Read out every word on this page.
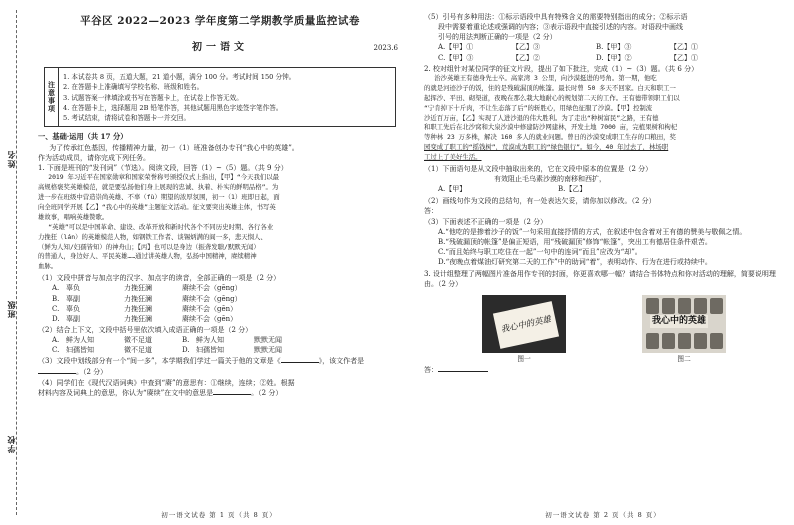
姓名
班级
学校
平谷区 2022—2023 学年度第二学期教学质量监控试卷
初一语文	2023.6
注
意
事
项

1. 本试卷共 8 页，五道大题，21 道小题，满分 100 分。考试时间 150 分钟。

2. 在答题卡上准确填写学校名称、班级和姓名。

3. 试题答案一律填涂或书写在答题卡上，在试卷上作答无效。

4. 在答题卡上，选择题用 2B 铅笔作答，其他试题用黑色字迹签字笔作答。

5. 考试结束，请将试卷和答题卡一并交回。

一、基础·运用（共 17 分）

为了传承红色基因，传播精神力量，初一（1）班准备创办专刊“我心中的英雄”。

作为活动成员，请你完成下列任务。

1. 下面是班刊的“发刊词”（节选）。阅读文段，回答（1）~（5）题。（共 9 分）

2019 年习近平在国家勋章和国家荣誉称号颁授仪式上指出，【甲】“今天我们以最

高规格褒奖英雄模范，就是要弘扬他们身上展现的忠诚、执着、朴实的鲜明品格”。为

进一步在班级中营造崇尚英雄、不辜（fù）期望的浓厚氛围，初一（1）班即日起，面

向全班同学开展【乙】“我心中的英雄”主题征文活动。征文要突出英雄主体，书写英

雄故事，唱响英雄赞歌。

“英雄”可以是中国革命、建设、改革开放和新时代各个不同历史时期、各行各业

力挽狂（lán）的英雄模范人物，如钢铁工作者、谈锡炳满的阎一多，悲天悯人、

（鲜为人知/妇孺皆知）的神舟山；【丙】也可以是身边（振聋发聩/默默无闻）

的普通人，身边好人、平民英雄……通过讲英雄人物，弘扬中国精神，赓续精神

血脉。

（1）文段中拼音与加点字的汉字、加点字的读音，全部正确的一项是（2 分）

A. 辜负	力挽狂澜	赓续不会（gēng）
B. 辜副	力挽狂澜	赓续不会（gēng）
C. 辜负	力挽狂澜	赓续不会（gēn）
D. 辜副	力挽狂澜	赓续不会（gēn）

（2）结合上下文，文段中括号里依次填入成语正确的一项是（2 分）

A. 鲜为人知	微不足道	B. 鲜为人知	默默无闻
C. 妇孺皆知	微不足道	D. 妇孺皆知	默默无闻

（3）文段中划线部分有一个“间一多”，本学期我们学过一篇关于他的文章是《	》，该文作者是。（2 分）

（4）同学们在《现代汉语词典》中查到“赓”的意思有：①继续，连续；②姓。根据

材料内容及词典上的意思，你认为“赓续”在文中的意思是	。（2 分）

初一语文试卷 第 1 页（共 8 页）

（5）引号有多种用法：①标示语段中具有特殊含义的需要特别指出的成分；②标示语

段中需要着重论述或强调的内容；③表示语段中直接引述的内容。对语段中画线

引号的用法判断正确的一项是（2 分）

A.【甲】①	【乙】③	B.【甲】③	【乙】①
C.【甲】③	【乙】②	D.【甲】②	【乙】①

2. 校对组针对某位同学的征文片段，提出了如下批注，完成（1）~（3）题。（共 6 分）

治沙英雄王有德身先士卒。高家湾 3 公里，向沙漠挺进的号角。第一期，他吃

的就是河迹沙子的饭，住的是残破漏顶的帐篷。最长时曾 50 多天不回家。白天和职工一

起挥沙、平田、砌渠道，夜晚在那么栽大地耐心的规划第二天的工作。王有德带领职工们以

“宁肯掉下十斤肉，不让生态落了后”的斩胜心，用绿色征服了沙漠。【甲】控制流

沙近百万亩，【乙】实现了人进沙退的伟大胜利。为了走出“种树富民”之路，王有德

和职工先后在北沙窝和大泉沙漠中修建防沙网建林，开发土地 7000 亩，完植果树和枸杞

等种林 23 万多株，解决 160 多人的就业问题。曾日的沙漠变成职工生存的口粮田，奖

园变成了职工的“摇钱树”，荒漠成为职工的“绿色银行”。如今，40 年过去了，林场职

工过上了美好生活。

（1）下面语句是从文段中抽取出来的，它在文段中原本的位置是（2 分）

有效阻止毛乌素沙漠的南移和西扩，

A.【甲】	B.【乙】

（2）画线句作为文段的总结句，有一处表达欠妥，请你加以修改。（2 分）

答：

（3）下面表述不正确的一项是（2 分）

A.“他吃的是掺着沙子的饭”一句采用直接抒情的方式，在叙述中包含着对王有德的赞美与敬佩之情。

B.“残破漏顶的帐篷”是偏正短语，用“残破漏顶”修饰“帐篷”，突出工有德居住条件艰苦。

C.“而且始终与职工吃住在一起”一句中的连词“而且”应改为“却”。

D.“夜晚点着煤油灯研究第二天的工作”中的助词“着”，表明动作、行为在进行或持续中。

3. 设计组整理了两幅图片准备用作专刊的封面，你更喜欢哪一幅？请结合书体特点和你对活动的理解，简要说明理由。（2 分）

我心中的英雄
图一
我心中的英雄
图二

答：

初一语文试卷 第 2 页（共 8 页）
